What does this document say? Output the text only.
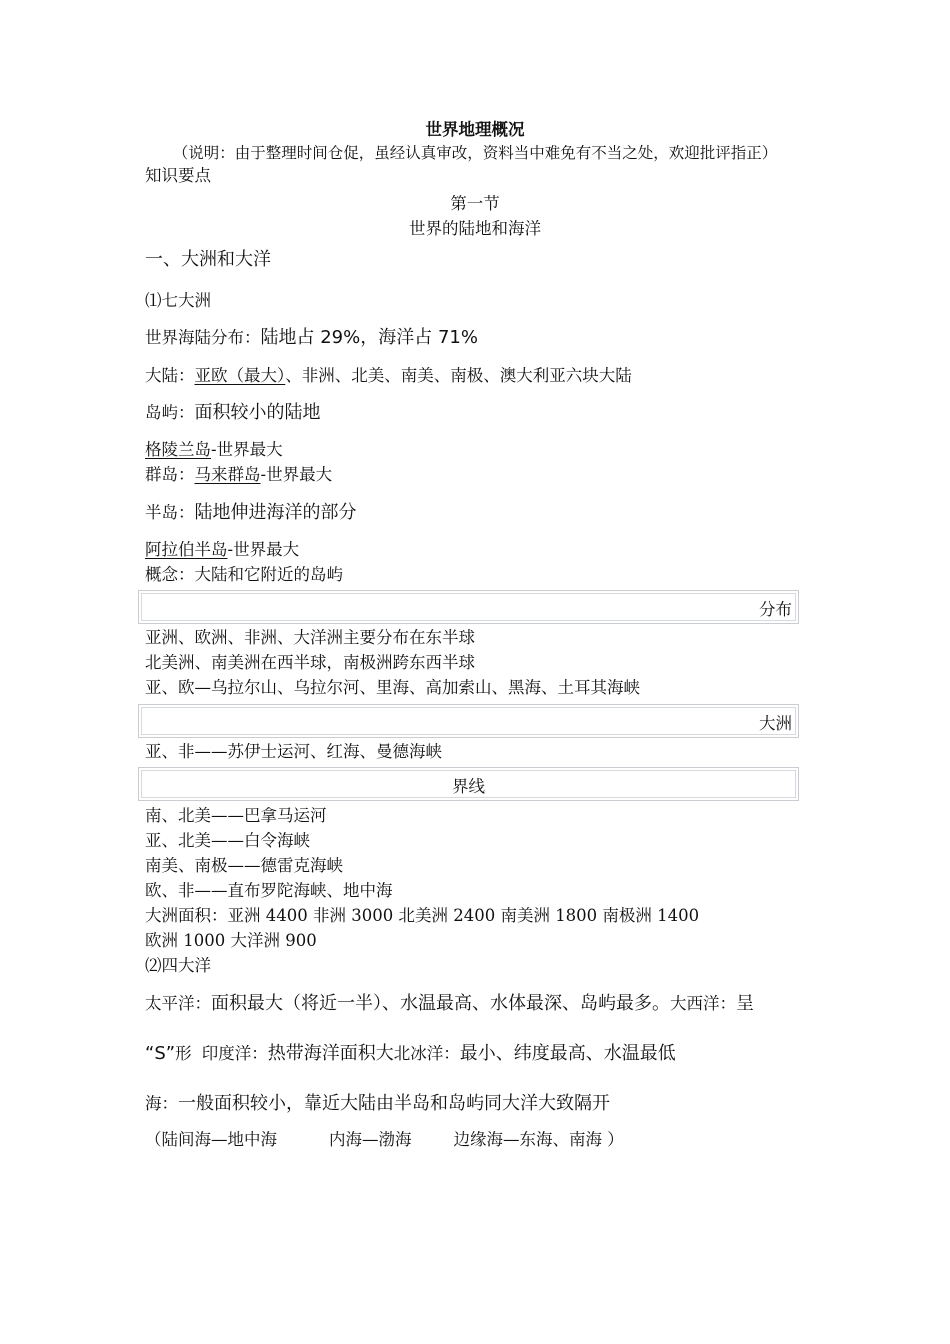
世界地理概况
（说明：由于整理时间仓促，虽经认真审改，资料当中难免有不当之处，欢迎批评指正）
知识要点
第一节
世界的陆地和海洋
一、大洲和大洋
⑴七大洲
世界海陆分布：陆地占 29%，海洋占 71%
大陆：亚欧（最大）、非洲、北美、南美、南极、澳大利亚六块大陆
岛屿：面积较小的陆地
格陵兰岛-世界最大
群岛：马来群岛-世界最大
半岛：陆地伸进海洋的部分
阿拉伯半岛-世界最大
概念：大陆和它附近的岛屿
分布
亚洲、欧洲、非洲、大洋洲主要分布在东半球
北美洲、南美洲在西半球，南极洲跨东西半球
亚、欧—乌拉尔山、乌拉尔河、里海、高加索山、黑海、土耳其海峡
大洲
亚、非——苏伊士运河、红海、曼德海峡
界线
南、北美——巴拿马运河
亚、北美——白令海峡
南美、南极——德雷克海峡
欧、非——直布罗陀海峡、地中海
大洲面积：亚洲 4400 非洲 3000 北美洲 2400 南美洲 1800 南极洲 1400
欧洲 1000 大洋洲 900
⑵四大洋
太平洋：面积最大（将近一半）、水温最高、水体最深、岛屿最多。大西洋：呈
“S”形 印度洋：热带海洋面积大北冰洋：最小、纬度最高、水温最低
海：一般面积较小，靠近大陆由半岛和岛屿同大洋大致隔开
（陆间海—地中海	内海—渤海	边缘海—东海、南海 ）
